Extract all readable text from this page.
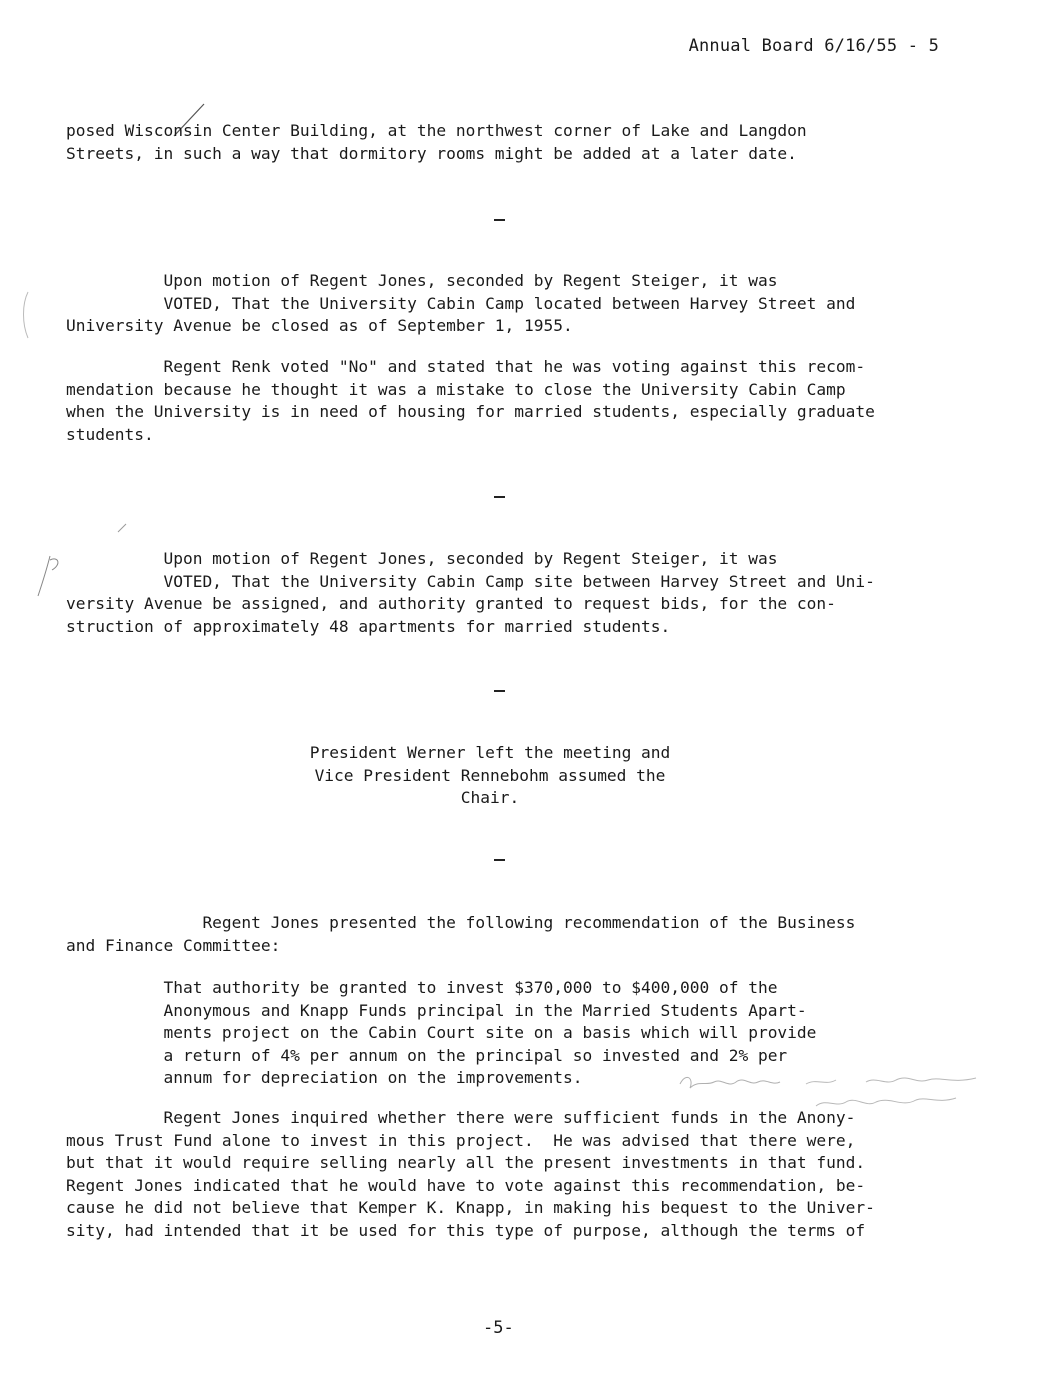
Annual Board 6/16/55 - 5
posed Wisconsin Center Building, at the northwest corner of Lake and Langdon
Streets, in such a way that dormitory rooms might be added at a later date.
Upon motion of Regent Jones, seconded by Regent Steiger, it was
VOTED, That the University Cabin Camp located between Harvey Street and
University Avenue be closed as of September 1, 1955.
Regent Renk voted "No" and stated that he was voting against this recom-
mendation because he thought it was a mistake to close the University Cabin Camp
when the University is in need of housing for married students, especially graduate
students.
Upon motion of Regent Jones, seconded by Regent Steiger, it was
VOTED, That the University Cabin Camp site between Harvey Street and Uni-
versity Avenue be assigned, and authority granted to request bids, for the con-
struction of approximately 48 apartments for married students.
President Werner left the meeting and
Vice President Rennebohm assumed the
Chair.
Regent Jones presented the following recommendation of the Business
and Finance Committee:
That authority be granted to invest $370,000 to $400,000 of the
Anonymous and Knapp Funds principal in the Married Students Apart-
ments project on the Cabin Court site on a basis which will provide
a return of 4% per annum on the principal so invested and 2% per
annum for depreciation on the improvements.
Regent Jones inquired whether there were sufficient funds in the Anony-
mous Trust Fund alone to invest in this project.  He was advised that there were,
but that it would require selling nearly all the present investments in that fund.
Regent Jones indicated that he would have to vote against this recommendation, be-
cause he did not believe that Kemper K. Knapp, in making his bequest to the Univer-
sity, had intended that it be used for this type of purpose, although the terms of
-5-
